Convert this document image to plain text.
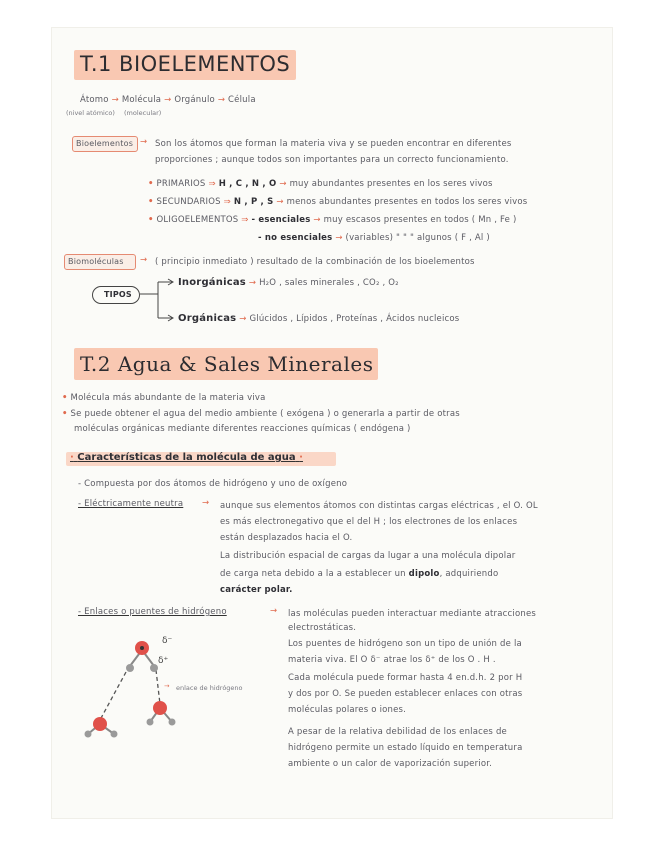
T.1 BIOELEMENTOS
Átomo → Molécula → Orgánulo → Célula
(nivel atómico) (molecular)
Bioelementos → Son los átomos que forman la materia viva y se pueden encontrar en diferentes
proporciones ; aunque todos son importantes para un correcto funcionamiento.
• PRIMARIOS ⇒ H , C , N , O → muy abundantes presentes en los seres vivos
• SECUNDARIOS ⇒ N , P , S → menos abundantes presentes en todos los seres vivos
• OLIGOELEMENTOS ⇒ - esenciales → muy escasos presentes en todos ( Mn , Fe )
- no esenciales → (variables) " " " algunos ( F , Al )
Biomoléculas → ( principio inmediato ) resultado de la combinación de los bioelementos
TIPOS
Inorgánicas → H₂O , sales minerales , CO₂ , O₂
Orgánicas → Glúcidos , Lípidos , Proteínas , Ácidos nucleicos
T.2 Agua & Sales Minerales
• Molécula más abundante de la materia viva
• Se puede obtener el agua del medio ambiente ( exógena ) o generarla a partir de otras
moléculas orgánicas mediante diferentes reacciones químicas ( endógena )
· Características de la molécula de agua ·
- Compuesta por dos átomos de hidrógeno y uno de oxígeno
- Eléctricamente neutra → aunque sus elementos átomos con distintas cargas eléctricas , el O. OL
es más electronegativo que el del H ; los electrones de los enlaces
están desplazados hacia el O.
La distribución espacial de cargas da lugar a una molécula dipolar
de carga neta debido a la a establecer un dipolo, adquiriendo
carácter polar.
- Enlaces o puentes de hidrógeno	→ las moléculas pueden interactuar mediante atracciones
electrostáticas.
Los puentes de hidrógeno son un tipo de unión de la
materia viva. El O δ⁻ atrae los δ⁺ de los O . H .
Cada molécula puede formar hasta 4 en.d.h. 2 por H
y dos por O. Se pueden establecer enlaces con otras
moléculas polares o iones.
A pesar de la relativa debilidad de los enlaces de
hidrógeno permite un estado líquido en temperatura
ambiente o un calor de vaporización superior.
δ⁻
δ⁺
→ enlace de hidrógeno
